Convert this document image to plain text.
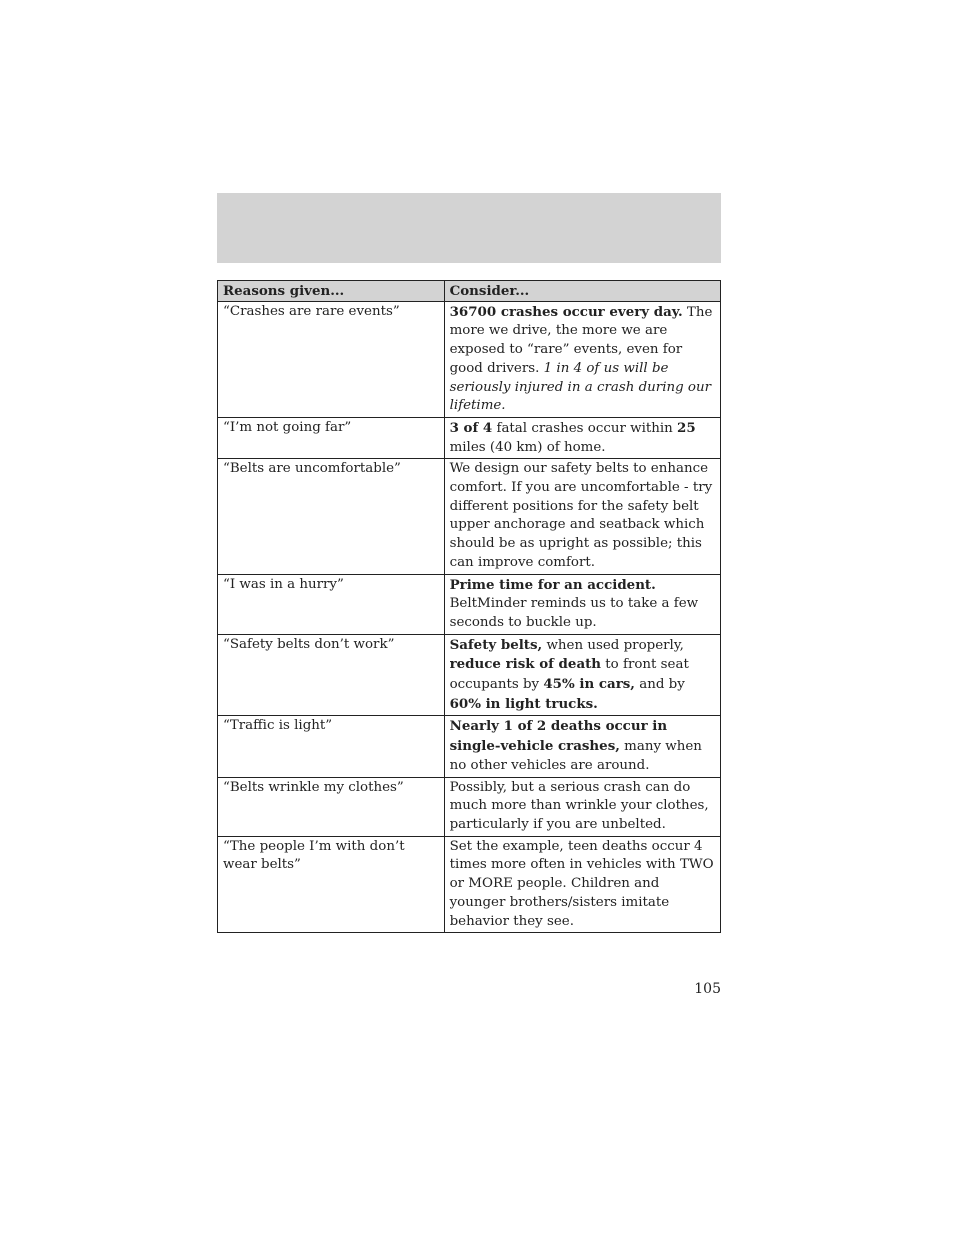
Reasons given...	Consider...
“Crashes are rare events”	36700 crashes occur every day. The more we drive, the more we are exposed to “rare” events, even for good drivers. 1 in 4 of us will be seriously injured in a crash during our lifetime.
“I’m not going far”	3 of 4 fatal crashes occur within 25 miles (40 km) of home.
“Belts are uncomfortable”	We design our safety belts to enhance comfort. If you are uncomfortable - try different positions for the safety belt upper anchorage and seatback which should be as upright as possible; this can improve comfort.
“I was in a hurry”	Prime time for an accident. BeltMinder reminds us to take a few seconds to buckle up.
“Safety belts don’t work”	Safety belts, when used properly, reduce risk of death to front seat occupants by 45% in cars, and by 60% in light trucks.
“Traffic is light”	Nearly 1 of 2 deaths occur in single-vehicle crashes, many when no other vehicles are around.
“Belts wrinkle my clothes”	Possibly, but a serious crash can do much more than wrinkle your clothes, particularly if you are unbelted.
“The people I’m with don’t wear belts”	Set the example, teen deaths occur 4 times more often in vehicles with TWO or MORE people. Children and younger brothers/sisters imitate behavior they see.
105
